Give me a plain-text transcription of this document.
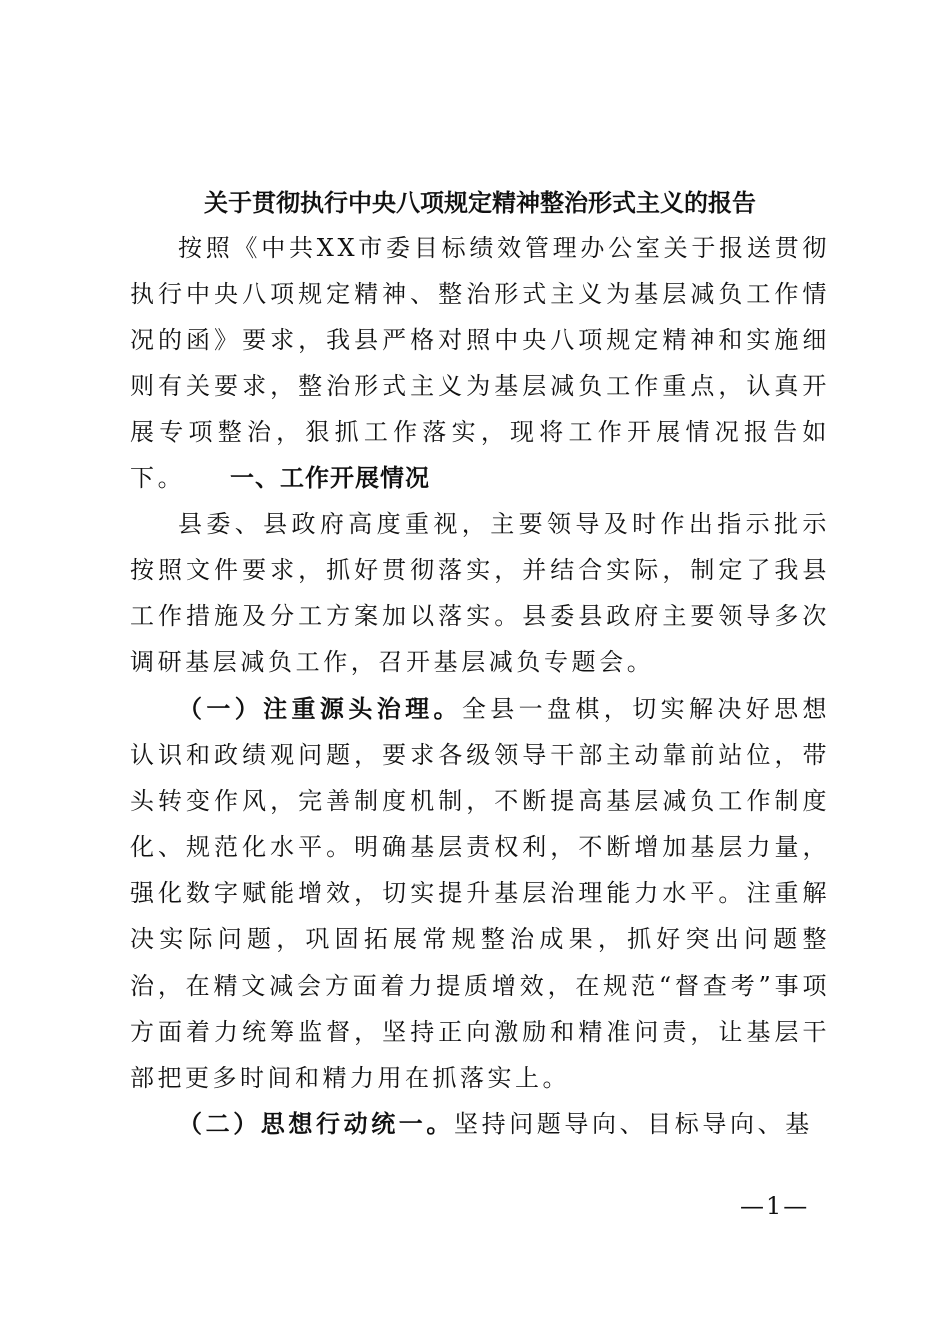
关于贯彻执行中央八项规定精神整治形式主义的报告

按照《中共XX市委目标绩效管理办公室关于报送贯彻执行中央八项规定精神、整治形式主义为基层减负工作情况的函》要求，我县严格对照中央八项规定精神和实施细则有关要求，整治形式主义为基层减负工作重点，认真开展专项整治，狠抓工作落实，现将工作开展情况报告如下。	一、工作开展情况

县委、县政府高度重视，主要领导及时作出指示批示按照文件要求，抓好贯彻落实，并结合实际，制定了我县工作措施及分工方案加以落实。县委县政府主要领导多次调研基层减负工作，召开基层减负专题会。

（一）注重源头治理。全县一盘棋，切实解决好思想认识和政绩观问题，要求各级领导干部主动靠前站位，带头转变作风，完善制度机制，不断提高基层减负工作制度化、规范化水平。明确基层责权利，不断增加基层力量，强化数字赋能增效，切实提升基层治理能力水平。注重解决实际问题，巩固拓展常规整治成果，抓好突出问题整治，在精文减会方面着力提质增效，在规范“督查考”事项方面着力统筹监督，坚持正向激励和精准问责，让基层干部把更多时间和精力用在抓落实上。

（二）思想行动统一。坚持问题导向、目标导向、基

—1—
